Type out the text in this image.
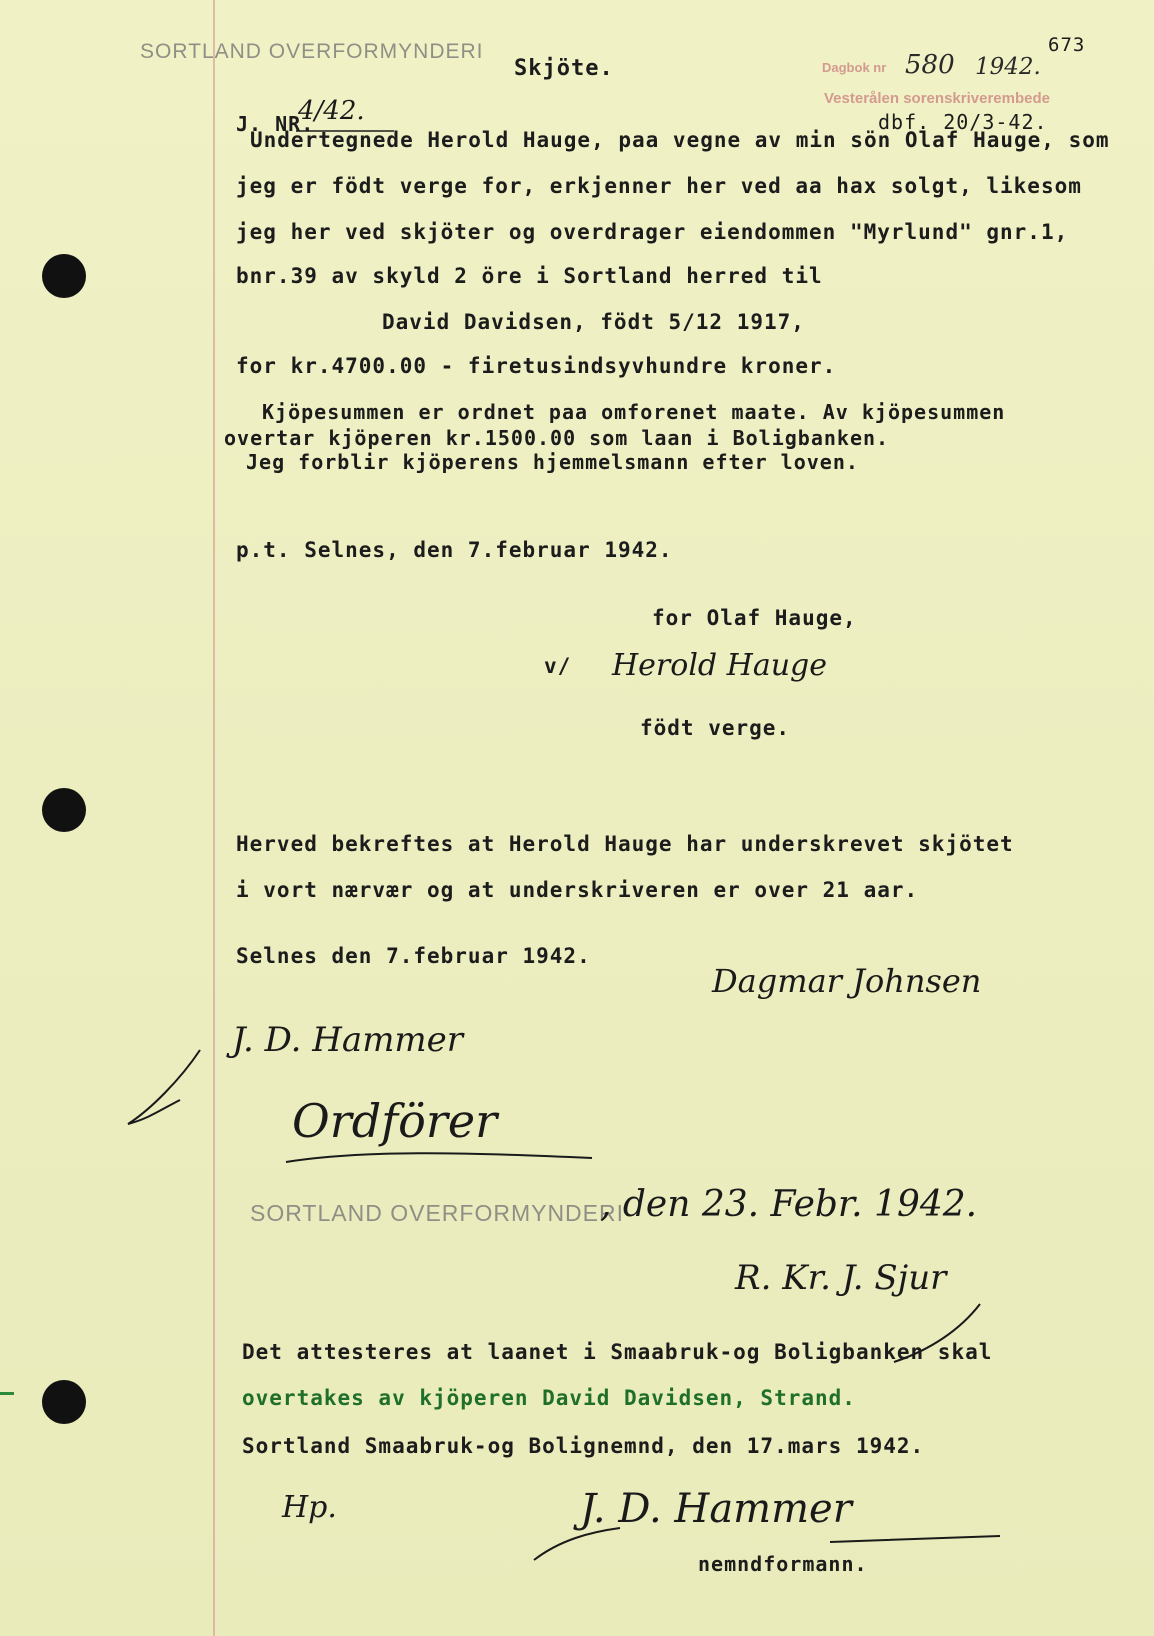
SORTLAND OVERFORMYNDERI
Skjöte.
673
Dagbok nr 580 1942.
Vesterålen sorenskriverembede
dbf. 20/3-42.
J. NR.
4/42.
Undertegnede Herold Hauge, paa vegne av min sön Olaf Hauge, som
jeg er födt verge for, erkjenner her ved aa hax solgt, likesom
jeg her ved skjöter og overdrager eiendommen "Myrlund" gnr.1,
bnr.39 av skyld 2 öre i Sortland herred til
David Davidsen, födt 5/12 1917,
for kr.4700.00 - firetusindsyvhundre kroner.
Kjöpesummen er ordnet paa omforenet maate. Av kjöpesummen
overtar kjöperen kr.1500.00 som laan i Boligbanken.
Jeg forblir kjöperens hjemmelsmann efter loven.
p.t. Selnes, den 7.februar 1942.
for Olaf Hauge,
v/ Herold Hauge
födt verge.
Herved bekreftes at Herold Hauge har underskrevet skjötet
i vort nærvær og at underskriveren er over 21 aar.
Selnes den 7.februar 1942.
Dagmar Johnsen
J. D. Hammer
Ordförer
SORTLAND OVERFORMYNDERI
, den 23. Febr. 1942.
R. Kr. J. Sjur
Det attesteres at laanet i Smaabruk-og Boligbanken skal
overtakes av kjöperen David Davidsen, Strand.
Sortland Smaabruk-og Bolignemnd, den 17.mars 1942.
Hp.	J. D. Hammer
nemndformann.
